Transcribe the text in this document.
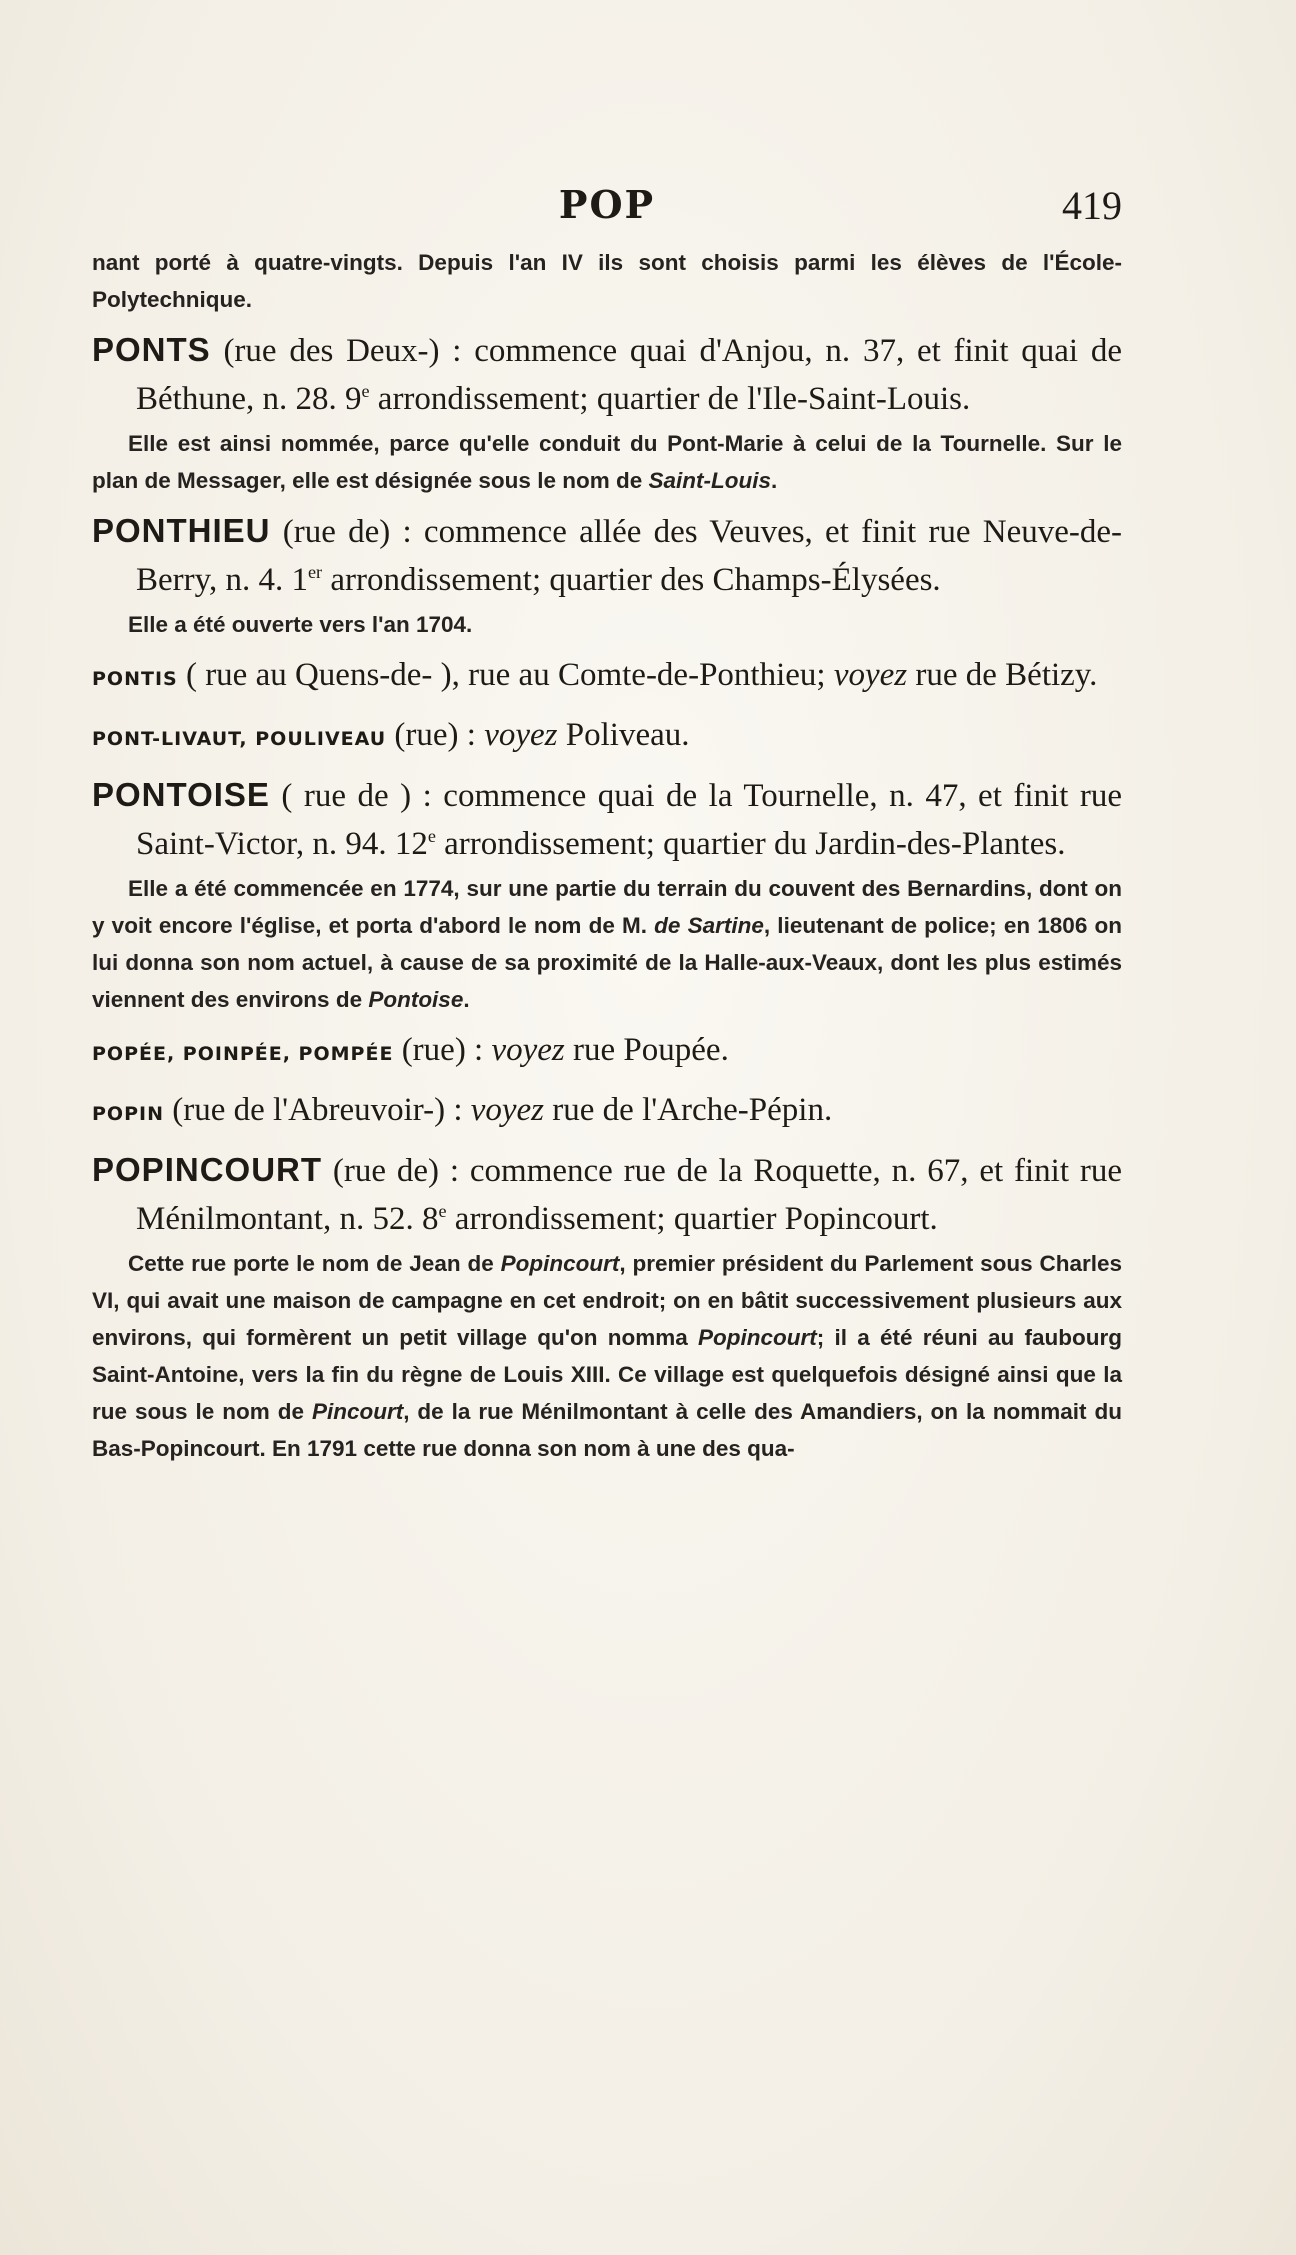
POP	419
nant porté à quatre-vingts. Depuis l'an IV ils sont choisis parmi les élèves de l'École-Polytechnique.
PONTS (rue des Deux-) : commence quai d'Anjou, n. 37, et finit quai de Béthune, n. 28. 9e arrondissement; quartier de l'Ile-Saint-Louis.
Elle est ainsi nommée, parce qu'elle conduit du Pont-Marie à celui de la Tournelle. Sur le plan de Messager, elle est désignée sous le nom de Saint-Louis.
PONTHIEU (rue de) : commence allée des Veuves, et finit rue Neuve-de-Berry, n. 4. 1er arrondissement; quartier des Champs-Élysées.
Elle a été ouverte vers l'an 1704.
PONTIS ( rue au Quens-de- ), rue au Comte-de-Ponthieu; voyez rue de Bétizy.
PONT-LIVAUT, POULIVEAU (rue) : voyez Poliveau.
PONTOISE ( rue de ) : commence quai de la Tournelle, n. 47, et finit rue Saint-Victor, n. 94. 12e arrondissement; quartier du Jardin-des-Plantes.
Elle a été commencée en 1774, sur une partie du terrain du couvent des Bernardins, dont on y voit encore l'église, et porta d'abord le nom de M. de Sartine, lieutenant de police; en 1806 on lui donna son nom actuel, à cause de sa proximité de la Halle-aux-Veaux, dont les plus estimés viennent des environs de Pontoise.
POPÉE, POINPÉE, POMPÉE (rue) : voyez rue Poupée.
POPIN (rue de l'Abreuvoir-) : voyez rue de l'Arche-Pépin.
POPINCOURT (rue de) : commence rue de la Roquette, n. 67, et finit rue Ménilmontant, n. 52. 8e arrondissement; quartier Popincourt.
Cette rue porte le nom de Jean de Popincourt, premier président du Parlement sous Charles VI, qui avait une maison de campagne en cet endroit; on en bâtit successivement plusieurs aux environs, qui formèrent un petit village qu'on nomma Popincourt; il a été réuni au faubourg Saint-Antoine, vers la fin du règne de Louis XIII. Ce village est quelquefois désigné ainsi que la rue sous le nom de Pincourt, de la rue Ménilmontant à celle des Amandiers, on la nommait du Bas-Popincourt. En 1791 cette rue donna son nom à une des qua-
